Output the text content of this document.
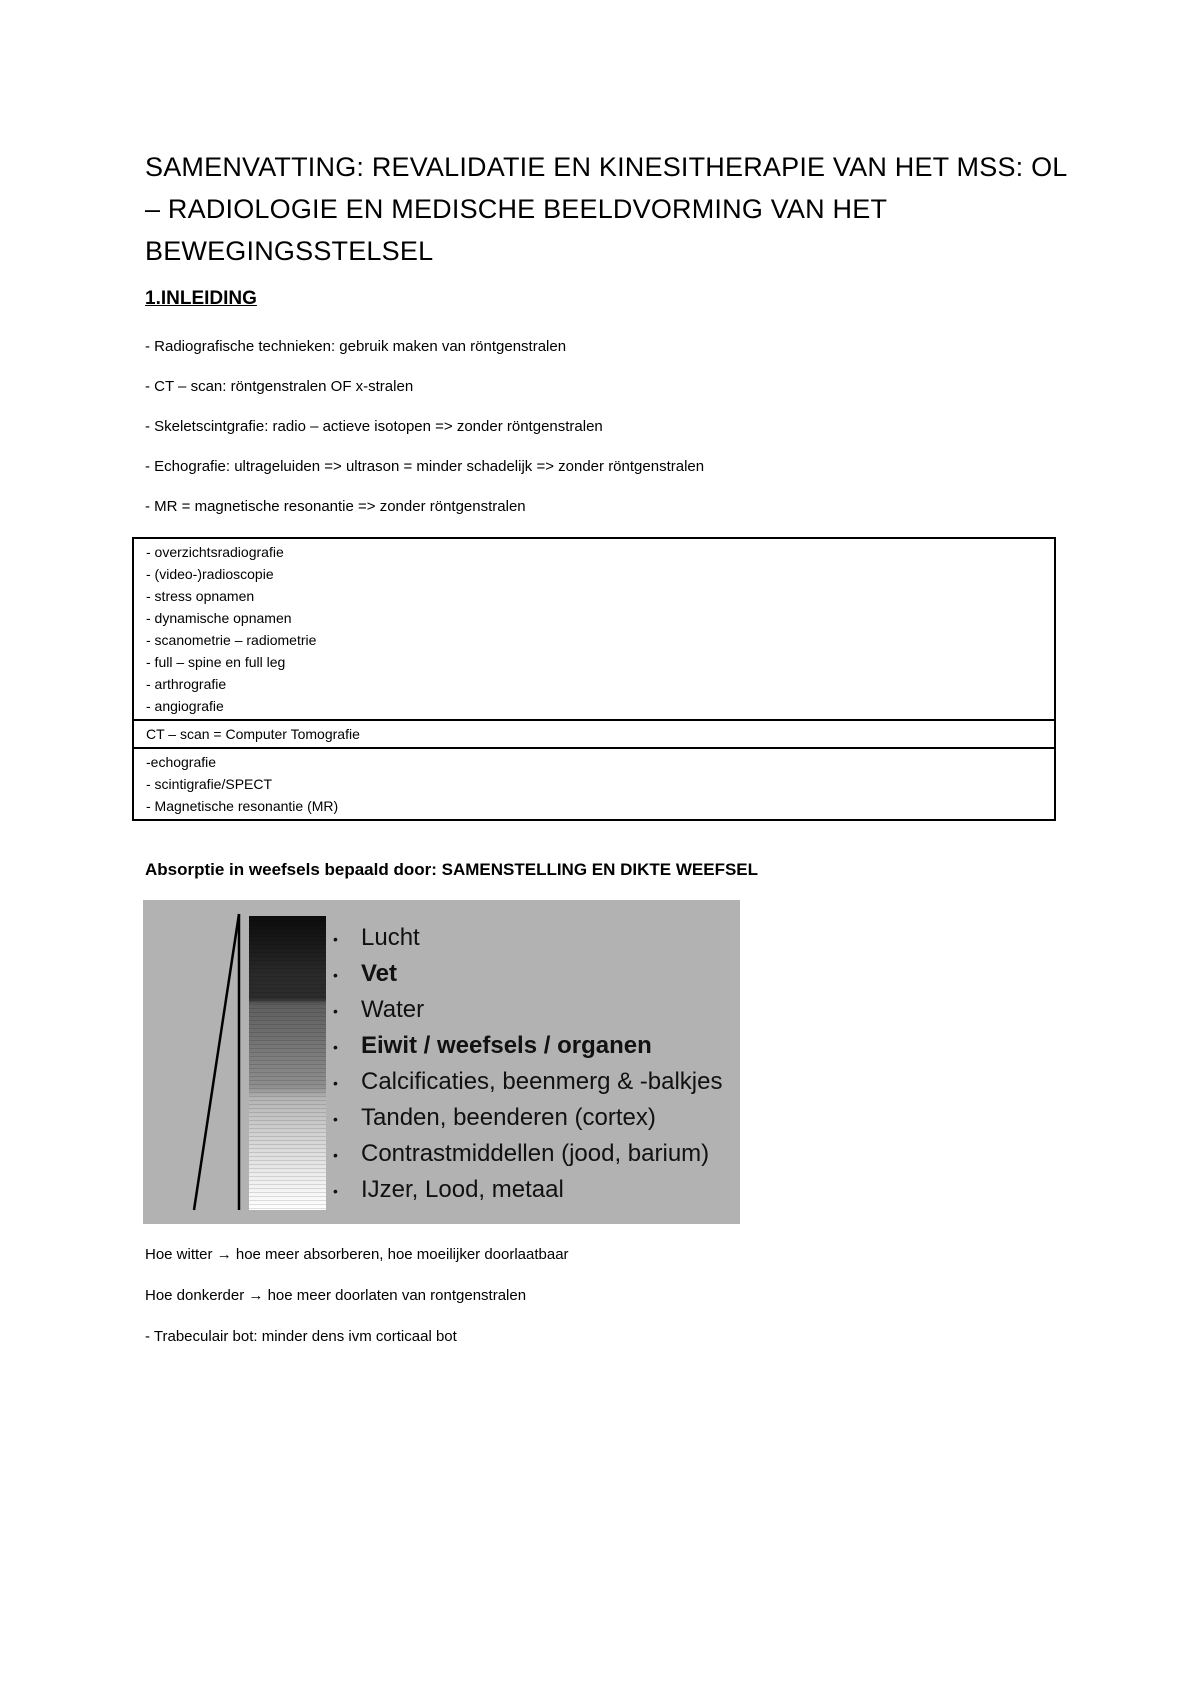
SAMENVATTING: REVALIDATIE EN KINESITHERAPIE VAN HET MSS: OL – RADIOLOGIE EN MEDISCHE BEELDVORMING VAN HET BEWEGINGSSTELSEL
1.INLEIDING
- Radiografische technieken: gebruik maken van röntgenstralen
- CT – scan: röntgenstralen OF x-stralen
- Skeletscintgrafie: radio – actieve isotopen => zonder röntgenstralen
- Echografie: ultrageluiden => ultrason = minder schadelijk => zonder röntgenstralen
- MR = magnetische resonantie => zonder röntgenstralen
- overzichtsradiografie
- (video-)radioscopie
- stress opnamen
- dynamische opnamen
- scanometrie – radiometrie
- full – spine en full leg
- arthrografie
- angiografie
CT – scan = Computer Tomografie
-echografie
- scintigrafie/SPECT
- Magnetische resonantie (MR)
Absorptie in weefsels bepaald door: SAMENSTELLING EN DIKTE WEEFSEL
• Lucht
• Vet
• Water
• Eiwit / weefsels / organen
• Calcificaties, beenmerg & -balkjes
• Tanden, beenderen (cortex)
• Contrastmiddellen (jood, barium)
• IJzer, Lood, metaal
Hoe witter → hoe meer absorberen, hoe moeilijker doorlaatbaar
Hoe donkerder → hoe meer doorlaten van rontgenstralen
- Trabeculair bot: minder dens ivm corticaal bot
